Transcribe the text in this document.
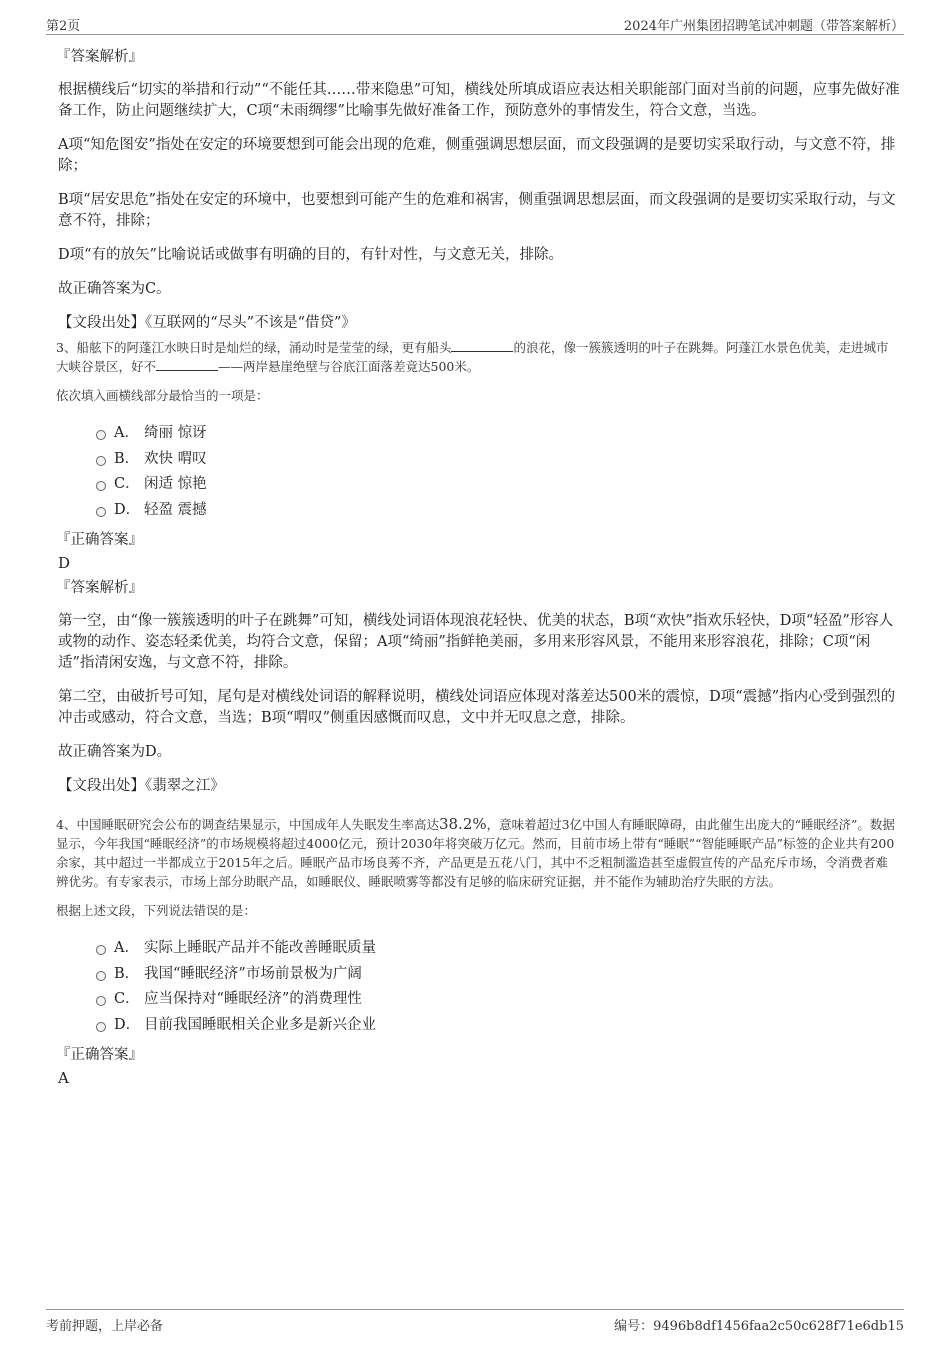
第2页	2024年广州集团招聘笔试冲刺题（带答案解析）
『答案解析』

根据横线后“切实的举措和行动”“不能任其……带来隐患”可知，横线处所填成语应表达相关职能部门面对当前的问题，应事先做好准备工作，防止问题继续扩大，C项“未雨绸缪”比喻事先做好准备工作，预防意外的事情发生，符合文意，当选。

A项“知危图安”指处在安定的环境要想到可能会出现的危难，侧重强调思想层面，而文段强调的是要切实采取行动，与文意不符，排除；

B项“居安思危”指处在安定的环境中，也要想到可能产生的危难和祸害，侧重强调思想层面，而文段强调的是要切实采取行动，与文意不符，排除；

D项“有的放矢”比喻说话或做事有明确的目的，有针对性，与文意无关，排除。

故正确答案为C。

【文段出处】《互联网的“尽头”不该是“借贷”》

3、船舷下的阿蓬江水映日时是灿烂的绿，涌动时是莹莹的绿，更有船头	的浪花，像一簇簇透明的叶子在跳舞。阿蓬江水景色优美，走进城市大峡谷景区，好不	——两岸悬崖绝壁与谷底江面落差竟达500米。

依次填入画横线部分最恰当的一项是：

A． 绮丽 惊讶
B． 欢快 喟叹
C． 闲适 惊艳
D． 轻盈 震撼
『正确答案』
D
『答案解析』

第一空，由“像一簇簇透明的叶子在跳舞”可知，横线处词语体现浪花轻快、优美的状态，B项“欢快”指欢乐轻快，D项“轻盈”形容人或物的动作、姿态轻柔优美，均符合文意，保留；A项“绮丽”指鲜艳美丽，多用来形容风景，不能用来形容浪花，排除；C项“闲适”指清闲安逸，与文意不符，排除。

第二空，由破折号可知，尾句是对横线处词语的解释说明，横线处词语应体现对落差达500米的震惊，D项“震撼”指内心受到强烈的冲击或感动，符合文意，当选；B项“喟叹”侧重因感慨而叹息，文中并无叹息之意，排除。

故正确答案为D。

【文段出处】《翡翠之江》

4、中国睡眠研究会公布的调查结果显示，中国成年人失眠发生率高达38.2%，意味着超过3亿中国人有睡眠障碍，由此催生出庞大的“睡眠经济”。数据显示，今年我国“睡眠经济”的市场规模将超过4000亿元，预计2030年将突破万亿元。然而，目前市场上带有“睡眠”“智能睡眠产品”标签的企业共有200余家，其中超过一半都成立于2015年之后。睡眠产品市场良莠不齐，产品更是五花八门，其中不乏粗制滥造甚至虚假宣传的产品充斥市场，令消费者难辨优劣。有专家表示，市场上部分助眠产品，如睡眠仪、睡眠喷雾等都没有足够的临床研究证据，并不能作为辅助治疗失眠的方法。

根据上述文段，下列说法错误的是：

A． 实际上睡眠产品并不能改善睡眠质量
B． 我国“睡眠经济”市场前景极为广阔
C． 应当保持对“睡眠经济”的消费理性
D． 目前我国睡眠相关企业多是新兴企业
『正确答案』
A
考前押题，上岸必备	编号：9496b8df1456faa2c50c628f71e6db15
